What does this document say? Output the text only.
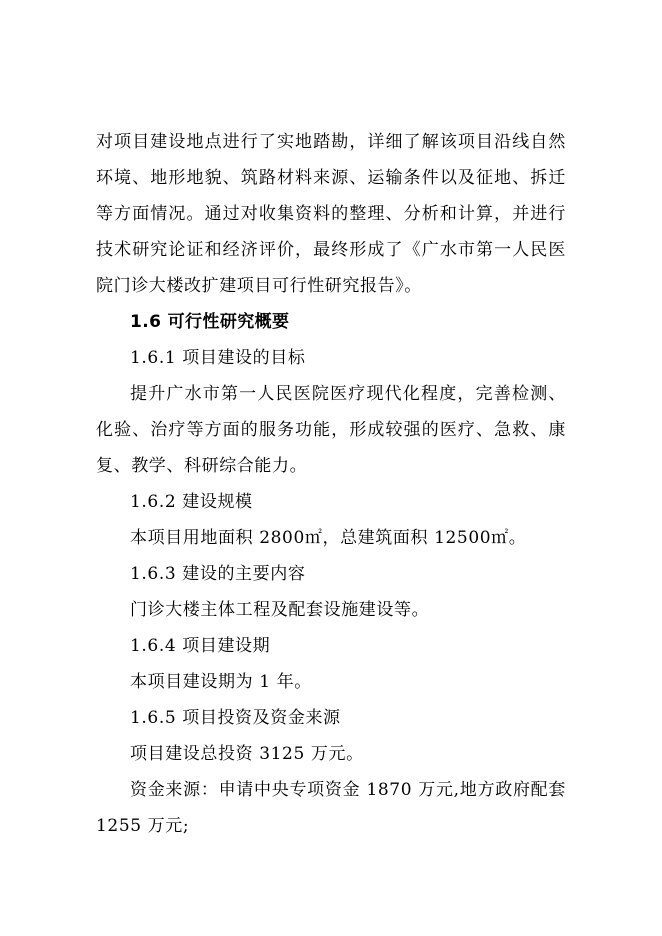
对项目建设地点进行了实地踏勘，详细了解该项目沿线自然
环境、地形地貌、筑路材料来源、运输条件以及征地、拆迁
等方面情况。通过对收集资料的整理、分析和计算，并进行
技术研究论证和经济评价，最终形成了《广水市第一人民医
院门诊大楼改扩建项目可行性研究报告》。
1.6 可行性研究概要
1.6.1 项目建设的目标
提升广水市第一人民医院医疗现代化程度，完善检测、
化验、治疗等方面的服务功能，形成较强的医疗、急救、康
复、教学、科研综合能力。
1.6.2 建设规模
本项目用地面积 2800㎡，总建筑面积 12500㎡。
1.6.3 建设的主要内容
门诊大楼主体工程及配套设施建设等。
1.6.4 项目建设期
本项目建设期为 1 年。
1.6.5 项目投资及资金来源
项目建设总投资 3125 万元。
资金来源：申请中央专项资金 1870 万元,地方政府配套
1255 万元;
